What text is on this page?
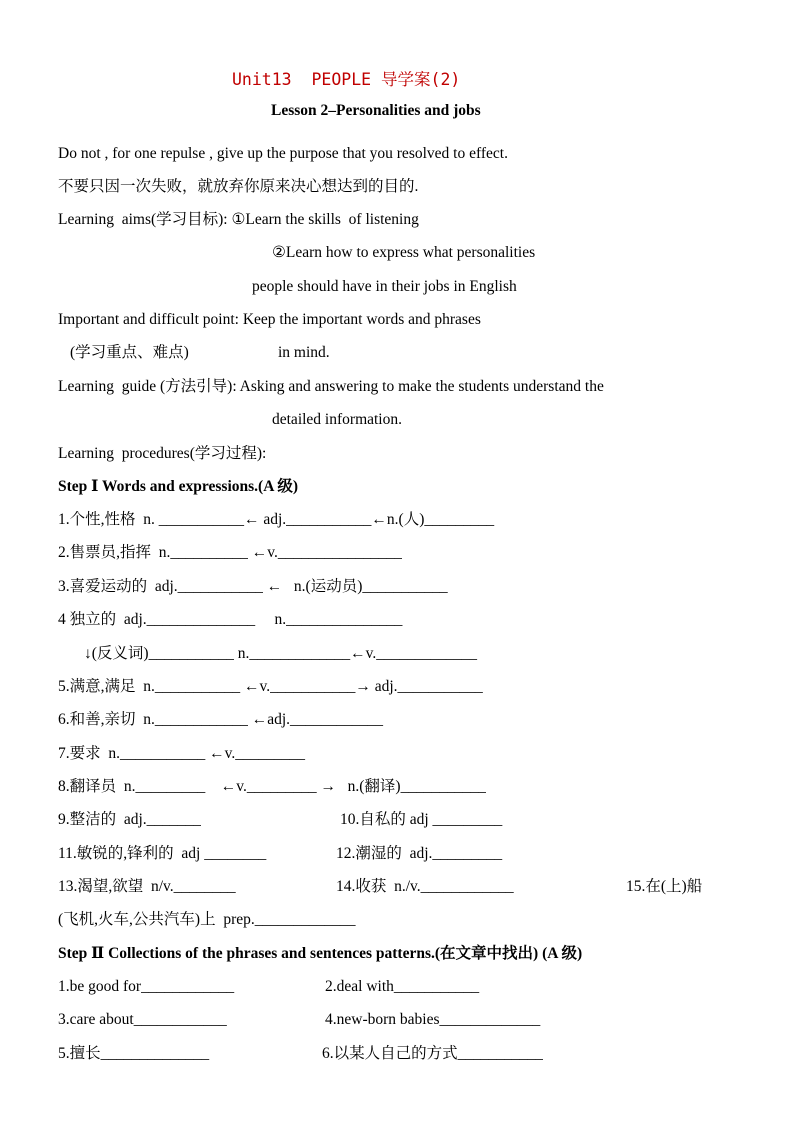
Unit13  PEOPLE 导学案(2)
Lesson 2–Personalities and jobs
Do not , for one repulse , give up the purpose that you resolved to effect.
不要只因一次失败，就放弃你原来决心想达到的目的.
Learning  aims(学习目标): ①Learn the skills  of listening
②Learn how to express what personalities
people should have in their jobs in English
Important and difficult point: Keep the important words and phrases
(学习重点、难点)	in mind.
Learning  guide (方法引导): Asking and answering to make the students understand the
detailed information.
Learning  procedures(学习过程):
Step Ⅰ Words and expressions.(A 级)
1.个性,性格  n. ___________← adj.___________←n.(人)_________
2.售票员,指挥  n.__________ ←v.________________
3.喜爱运动的  adj.___________ ←   n.(运动员)___________
4 独立的  adj.______________     n._______________
↓(反义词)___________ n._____________←v._____________
5.满意,满足  n.___________ ←v.___________→ adj.___________
6.和善,亲切  n.____________ ←adj.____________
7.要求  n.___________ ←v._________
8.翻译员  n._________    ←v._________ →   n.(翻译)___________
9.整洁的  adj._______	10.自私的 adj _________
11.敏锐的,锋利的  adj ________	12.潮湿的  adj._________
13.渴望,欲望  n/v.________	14.收获  n./v.____________	15.在(上)船
(飞机,火车,公共汽车)上  prep._____________
Step Ⅱ Collections of the phrases and sentences patterns.(在文章中找出) (A 级)
1.be good for____________	2.deal with___________
3.care about____________	4.new-born babies_____________
5.擅长______________	6.以某人自己的方式___________
